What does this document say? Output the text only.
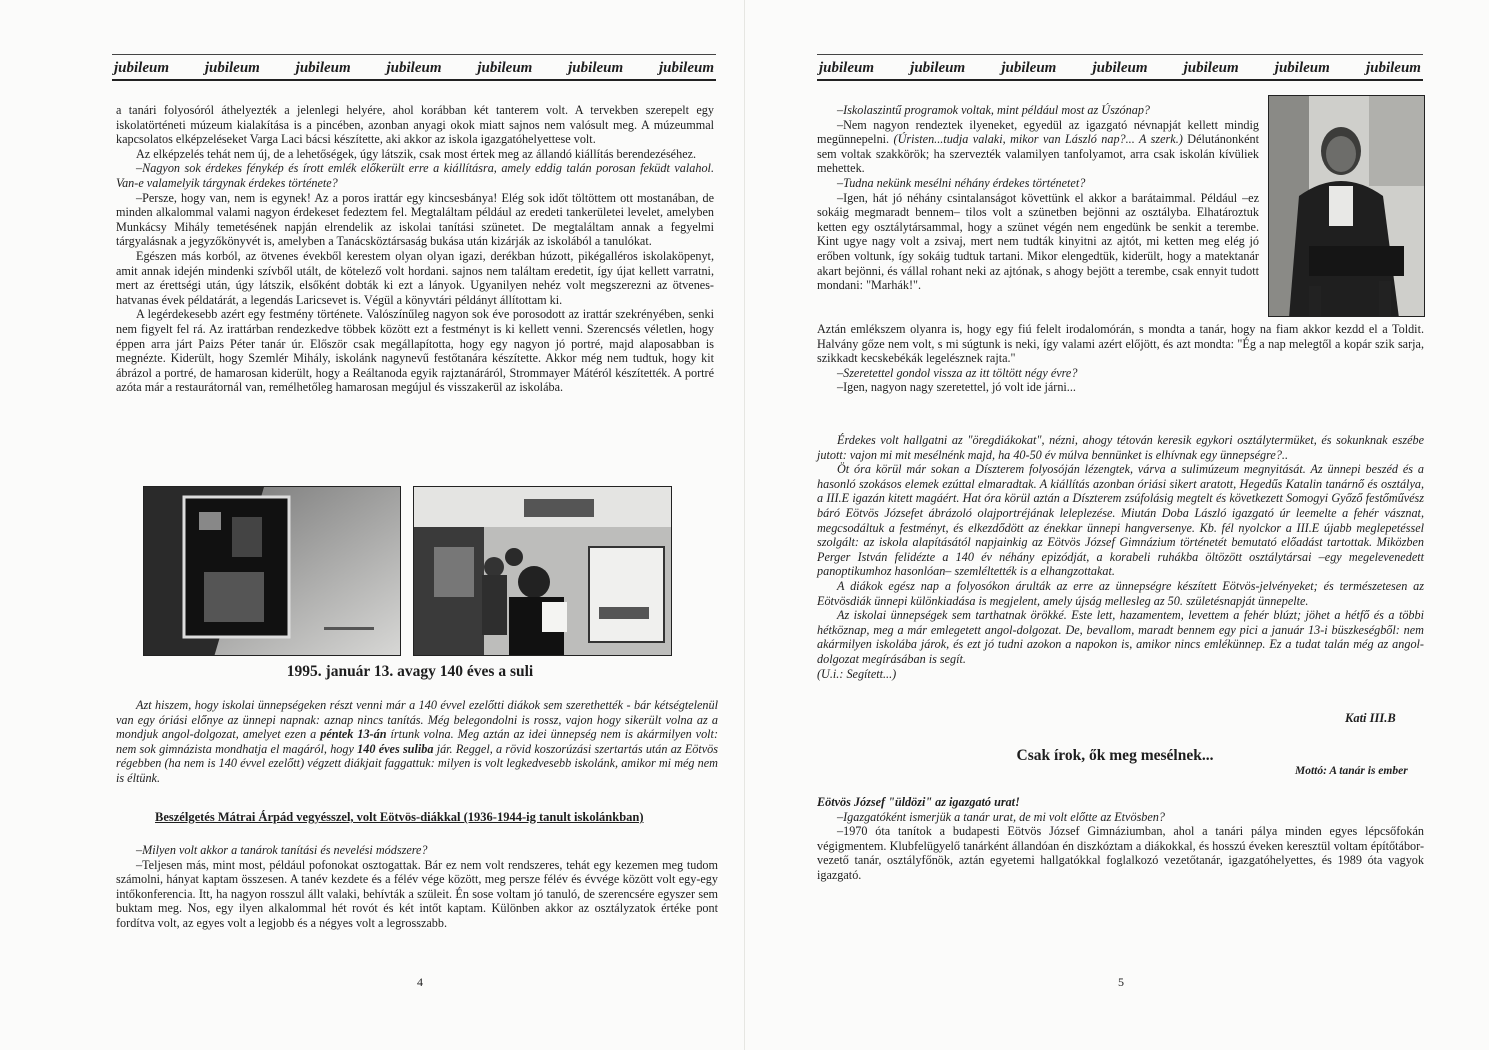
jubileum jubileum jubileum jubileum jubileum jubileum jubileum

a tanári folyosóról áthelyezték a jelenlegi helyére, ahol korábban két tanterem volt. A tervekben szerepelt egy iskolatörténeti múzeum kialakítása is a pincében, azonban anyagi okok miatt sajnos nem valósult meg. A múzeummal kapcsolatos elképzeléseket Varga Laci bácsi készítette, aki akkor az iskola igazgatóhelyettese volt.

Az elképzelés tehát nem új, de a lehetőségek, úgy látszik, csak most értek meg az állandó kiállítás berendezéséhez.

–Nagyon sok érdekes fénykép és írott emlék előkerült erre a kiállításra, amely eddig talán porosan feküdt valahol. Van-e valamelyik tárgynak érdekes története?

–Persze, hogy van, nem is egynek! Az a poros irattár egy kincsesbánya! Elég sok időt töltöttem ott mostanában, de minden alkalommal valami nagyon érdekeset fedeztem fel. Megtaláltam például az eredeti tankerületei levelet, amelyben Munkácsy Mihály temetésének napján elrendelik az iskolai tanítási szünetet. De megtaláltam annak a fegyelmi tárgyalásnak a jegyzőkönyvét is, amelyben a Tanácsköztársaság bukása után kizárják az iskolából a tanulókat.

Egészen más korból, az ötvenes évekből kerestem olyan olyan igazi, derékban húzott, pikégalléros iskolaköpenyt, amit annak idején mindenki szívből utált, de kötelező volt hordani. sajnos nem találtam eredetit, így újat kellett varratni, mert az érettségi után, úgy látszik, elsőként dobták ki ezt a lányok. Ugyanilyen nehéz volt megszerezni az ötvenes-hatvanas évek példatárát, a legendás Laricsevet is. Végül a könyvtári példányt állítottam ki.

A legérdekesebb azért egy festmény története. Valószínűleg nagyon sok éve porosodott az irattár szekrényében, senki nem figyelt fel rá. Az irattárban rendezkedve többek között ezt a festményt is ki kellett venni. Szerencsés véletlen, hogy éppen arra járt Paizs Péter tanár úr. Először csak megállapította, hogy egy nagyon jó portré, majd alaposabban is megnézte. Kiderült, hogy Szemlér Mihály, iskolánk nagynevű festőtanára készítette. Akkor még nem tudtuk, hogy kit ábrázol a portré, de hamarosan kiderült, hogy a Reáltanoda egyik rajztanáráról, Strommayer Mátéról készítették. A portré azóta már a restaurátornál van, remélhetőleg hamarosan megújul és visszakerül az iskolába.

1995. január 13. avagy 140 éves a suli

Azt hiszem, hogy iskolai ünnepségeken részt venni már a 140 évvel ezelőtti diákok sem szerethették - bár kétségtelenül van egy óriási előnye az ünnepi napnak: aznap nincs tanítás. Még belegondolni is rossz, vajon hogy sikerült volna az a mondjuk angol-dolgozat, amelyet ezen a péntek 13-án írtunk volna. Meg aztán az idei ünnepség nem is akármilyen volt: nem sok gimnázista mondhatja el magáról, hogy 140 éves suliba jár. Reggel, a rövid koszorúzási szertartás után az Eötvös régebben (ha nem is 140 évvel ezelőtt) végzett diákjait faggattuk: milyen is volt legkedvesebb iskolánk, amikor mi még nem is éltünk.

Beszélgetés Mátrai Árpád vegyésszel, volt Eötvös-diákkal (1936-1944-ig tanult iskolánkban)

–Milyen volt akkor a tanárok tanítási és nevelési módszere?

–Teljesen más, mint most, például pofonokat osztogattak. Bár ez nem volt rendszeres, tehát egy kezemen meg tudom számolni, hányat kaptam összesen. A tanév kezdete és a félév vége között, meg persze félév és évvége között volt egy-egy intőkonferencia. Itt, ha nagyon rosszul állt valaki, behívták a szüleit. Én sose voltam jó tanuló, de szerencsére egyszer sem buktam meg. Nos, egy ilyen alkalommal hét rovót és két intőt kaptam. Különben akkor az osztályzatok értéke pont fordítva volt, az egyes volt a legjobb és a négyes volt a legrosszabb.

4
jubileum jubileum jubileum jubileum jubileum jubileum jubileum

–Iskolaszintű programok voltak, mint például most az Úszónap?

–Nem nagyon rendeztek ilyeneket, egyedül az igazgató névnapját kellett mindig megünnepelni. (Úristen...tudja valaki, mikor van László nap?... A szerk.) Délutánonként sem voltak szakkörök; ha szervezték valamilyen tanfolyamot, arra csak iskolán kívüliek mehettek.

–Tudna nekünk mesélni néhány érdekes történetet?

–Igen, hát jó néhány csintalanságot követtünk el akkor a barátaimmal. Például –ez sokáig megmaradt bennem– tilos volt a szünetben bejönni az osztályba. Elhatároztuk ketten egy osztálytársammal, hogy a szünet végén nem engedünk be senkit a terembe. Kint ugye nagy volt a zsivaj, mert nem tudták kinyitni az ajtót, mi ketten meg elég jó erőben voltunk, így sokáig tudtuk tartani. Mikor elengedtük, kiderült, hogy a matektanár akart bejönni, és vállal rohant neki az ajtónak, s ahogy bejött a terembe, csak ennyit tudott mondani: "Marhák!".

Aztán emlékszem olyanra is, hogy egy fiú felelt irodalomórán, s mondta a tanár, hogy na fiam akkor kezdd el a Toldit. Halvány gőze nem volt, s mi súgtunk is neki, így valami azért előjött, és azt mondta: "Ég a nap melegtől a kopár szik sarja, szikkadt kecskebékák legelésznek rajta."

–Szeretettel gondol vissza az itt töltött négy évre?

–Igen, nagyon nagy szeretettel, jó volt ide járni...

Érdekes volt hallgatni az "öregdiákokat", nézni, ahogy tétován keresik egykori osztálytermüket, és sokunknak eszébe jutott: vajon mi mit mesélnénk majd, ha 40-50 év múlva bennünket is elhívnak egy ünnepségre?..

Öt óra körül már sokan a Díszterem folyosóján lézengtek, várva a sulimúzeum megnyitását. Az ünnepi beszéd és a hasonló szokásos elemek ezúttal elmaradtak. A kiállítás azonban óriási sikert aratott, Hegedűs Katalin tanárnő és osztálya, a III.E igazán kitett magáért. Hat óra körül aztán a Díszterem zsúfolásig megtelt és következett Somogyi Győző festőművész báró Eötvös Józsefet ábrázoló olajportréjának leleplezése. Miután Doba László igazgató úr leemelte a fehér vásznat, megcsodáltuk a festményt, és elkezdődött az énekkar ünnepi hangversenye. Kb. fél nyolckor a III.E újabb meglepetéssel szolgált: az iskola alapításától napjainkig az Eötvös József Gimnázium történetét bemutató előadást tartottak. Miközben Perger István felidézte a 140 év néhány epizódját, a korabeli ruhákba öltözött osztálytársai –egy megelevenedett panoptikumhoz hasonlóan– szemléltették is a elhangzottakat.

A diákok egész nap a folyosókon árulták az erre az ünnepségre készített Eötvös-jelvényeket; és természetesen az Eötvösdiák ünnepi különkiadása is megjelent, amely újság mellesleg az 50. születésnapját ünnepelte.

Az iskolai ünnepségek sem tarthatnak örökké. Este lett, hazamentem, levettem a fehér blúzt; jöhet a hétfő és a többi hétköznap, meg a már emlegetett angol-dolgozat. De, bevallom, maradt bennem egy pici a január 13-i büszkeségből: nem akármilyen iskolába járok, és ezt jó tudni azokon a napokon is, amikor nincs emlékünnep. Ez a tudat talán még az angol-dolgozat megírásában is segít.

(U.i.: Segített...)

Kati III.B
Csak írok, ők meg mesélnek...
Mottó: A tanár is ember

Eötvös József "üldözi" az igazgató urat!

–Igazgatóként ismerjük a tanár urat, de mi volt előtte az Etvösben?

–1970 óta tanítok a budapesti Eötvös József Gimnáziumban, ahol a tanári pálya minden egyes lépcsőfokán végigmentem. Klubfelügyelő tanárként állandóan én diszkóztam a diákokkal, és hosszú éveken keresztül voltam építőtábor-vezető tanár, osztályfőnök, aztán egyetemi hallgatókkal foglalkozó vezetőtanár, igazgatóhelyettes, és 1989 óta vagyok igazgató.

5
